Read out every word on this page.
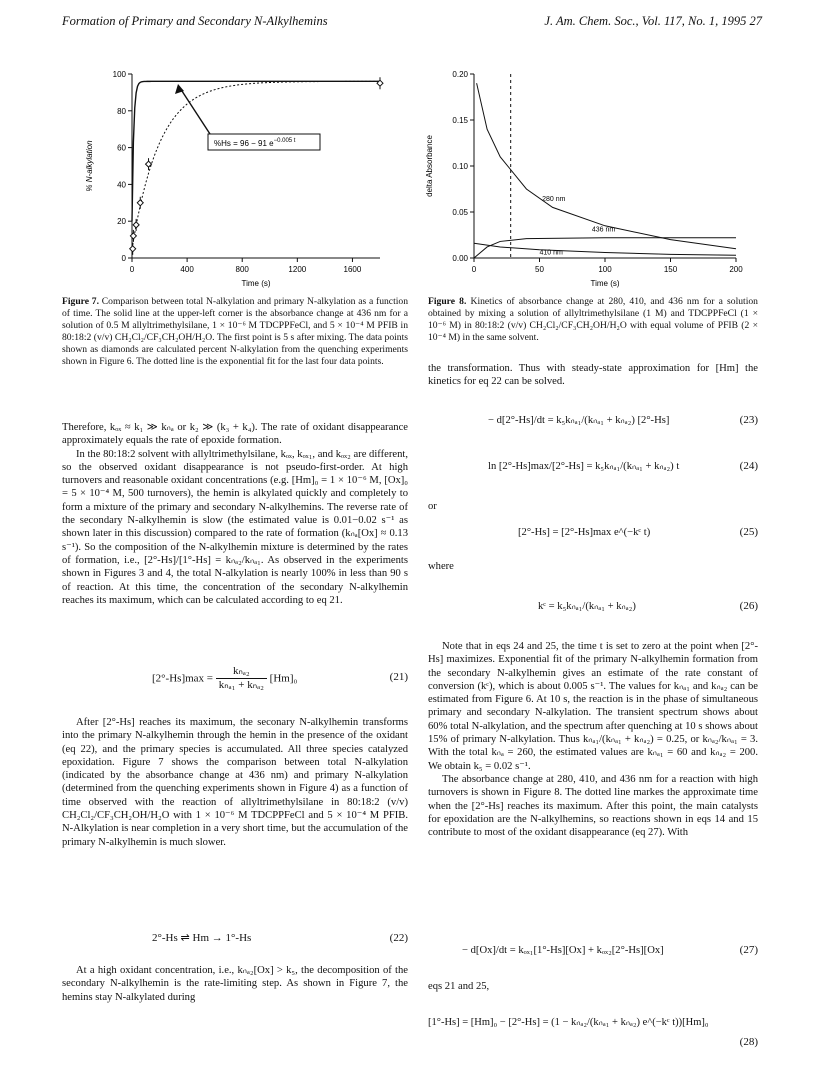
Formation of Primary and Secondary N-Alkylhemins	J. Am. Chem. Soc., Vol. 117, No. 1, 1995 27
0
20
40
60
80
100
0	400	800	1200	1600
Time (s)
% N-alkylation	%Hs = 96 − 91 $e^{-0.005 t}$
Figure 7. Comparison between total N-alkylation and primary N-alkylation as a function of time. The solid line at the upper-left corner is the absorbance change at 436 nm for a solution of 0.5 M allyltrimethylsilane, 1 × 10⁻⁶ M TDCPPFeCl, and 5 × 10⁻⁴ M PFIB in 80:18:2 (v/v) CH₂Cl₂/CF₃CH₂OH/H₂O. The first point is 5 s after mixing. The data points shown as diamonds are calculated percent N-alkylation from the quenching experiments shown in Figure 6. The dotted line is the exponential fit for the last four data points.
0.00
0.05
0.10
0.15
0.20
0	50	100	150	200
Time (s)
delta Absorbance
280 nm
436 nm
410 nm
Figure 8. Kinetics of absorbance change at 280, 410, and 436 nm for a solution obtained by mixing a solution of allyltrimethylsilane (1 M) and TDCPPFeCl (1 × 10⁻⁶ M) in 80:18:2 (v/v) CH₂Cl₂/CF₃CH₂OH/H₂O with equal volume of PFIB (2 × 10⁻⁴ M) in the same solvent.

Therefore, kₒₓ ≈ k₁ ≫ kₙₐ or k₂ ≫ (k₃ + k₄). The rate of oxidant disappearance approximately equals the rate of epoxide formation.

In the 80:18:2 solvent with allyltrimethylsilane, kₒₓ, kₒₓ₁, and kₒₓ₂ are different, so the observed oxidant disappearance is not pseudo-first-order. At high turnovers and reasonable oxidant concentrations (e.g. [Hm]₀ = 1 × 10⁻⁶ M, [Ox]₀ = 5 × 10⁻⁴ M, 500 turnovers), the hemin is alkylated quickly and completely to form a mixture of the primary and secondary N-alkylhemins. The reverse rate of the secondary N-alkylhemin is slow (the estimated value is 0.01−0.02 s⁻¹ as shown later in this discussion) compared to the rate of formation (kₙₐ[Ox] ≈ 0.13 s⁻¹). So the composition of the N-alkylhemin mixture is determined by the rates of formation, i.e., [2°-Hs]/[1°-Hs] = kₙₐ₂/kₙₐ₁. As observed in the experiments shown in Figures 3 and 4, the total N-alkylation is nearly 100% in less than 90 s of reaction. At this time, the concentration of the secondary N-alkylhemin reaches its maximum, which can be calculated according to eq 21.

$[2^\circ-Hs]\max = \frac{\text{kₙₐ₂}}{\text{kₙₐ₁ + kₙₐ₂}} [Hm]_0$	(21)

After [2°-Hs] reaches its maximum, the seconary N-alkylhemin transforms into the primary N-alkylhemin through the hemin in the presence of the oxidant (eq 22), and the primary species is accumulated. All three species catalyzed epoxidation. Figure 7 shows the comparison between total N-alkylation (indicated by the absorbance change at 436 nm) and primary N-alkylation (determined from the quenching experiments shown in Figure 4) as a function of time observed with the reaction of allyltrimethylsilane in 80:18:2 (v/v) CH₂Cl₂/CF₃CH₂OH/H₂O with 1 × 10⁻⁶ M TDCPPFeCl and 5 × 10⁻⁴ M PFIB. N-Alkylation is near completion in a very short time, but the accumulation of the primary N-alkylhemin is much slower.

2°-Hs ⇌ Hm → 1°-Hs	(22)

At a high oxidant concentration, i.e., kₙₐ₂[Ox] > k₅, the decomposition of the secondary N-alkylhemin is the rate-limiting step. As shown in Figure 7, the hemins stay N-alkylated during

the transformation. Thus with steady-state approximation for [Hm] the kinetics for eq 22 can be solved.

− d[2°-Hs]/dt = k₅kₙₐ₁/(kₙₐ₁ + kₙₐ₂) [2°-Hs]	(23)
ln [2°-Hs]max/[2°-Hs] = k₅kₙₐ₁/(kₙₐ₁ + kₙₐ₂) t	(24)
or
[2°-Hs] = [2°-Hs]max e^(−kᶜ t)	(25)
where
kᶜ = k₅kₙₐ₁/(kₙₐ₁ + kₙₐ₂)	(26)

Note that in eqs 24 and 25, the time t is set to zero at the point when [2°-Hs] maximizes. Exponential fit of the primary N-alkylhemin formation from the secondary N-alkylhemin gives an estimate of the rate constant of conversion (kᶜ), which is about 0.005 s⁻¹. The values for kₙₐ₁ and kₙₐ₂ can be estimated from Figure 6. At 10 s, the reaction is in the phase of simultaneous primary and secondary N-alkylation. The transient spectrum shows about 60% total N-alkylation, and the spectrum after quenching at 10 s shows about 15% of primary N-alkylation. Thus kₙₐ₁/(kₙₐ₁ + kₙₐ₂) = 0.25, or kₙₐ₂/kₙₐ₁ = 3. With the total kₙₐ = 260, the estimated values are kₙₐ₁ = 60 and kₙₐ₂ = 200. We obtain k₅ = 0.02 s⁻¹.

The absorbance change at 280, 410, and 436 nm for a reaction with high turnovers is shown in Figure 8. The dotted line markes the approximate time when the [2°-Hs] reaches its maximum. After this point, the main catalysts for epoxidation are the N-alkylhemins, so reactions shown in eqs 14 and 15 contribute to most of the oxidant disappearance (eq 27). With

− d[Ox]/dt = kₒₓ₁[1°-Hs][Ox] + kₒₓ₂[2°-Hs][Ox]	(27)

eqs 21 and 25,

[1°-Hs] = [Hm]₀ − [2°-Hs] = (1 − kₙₐ₂/(kₙₐ₁ + kₙₐ₂) e^(−kᶜ t))[Hm]₀
(28)
